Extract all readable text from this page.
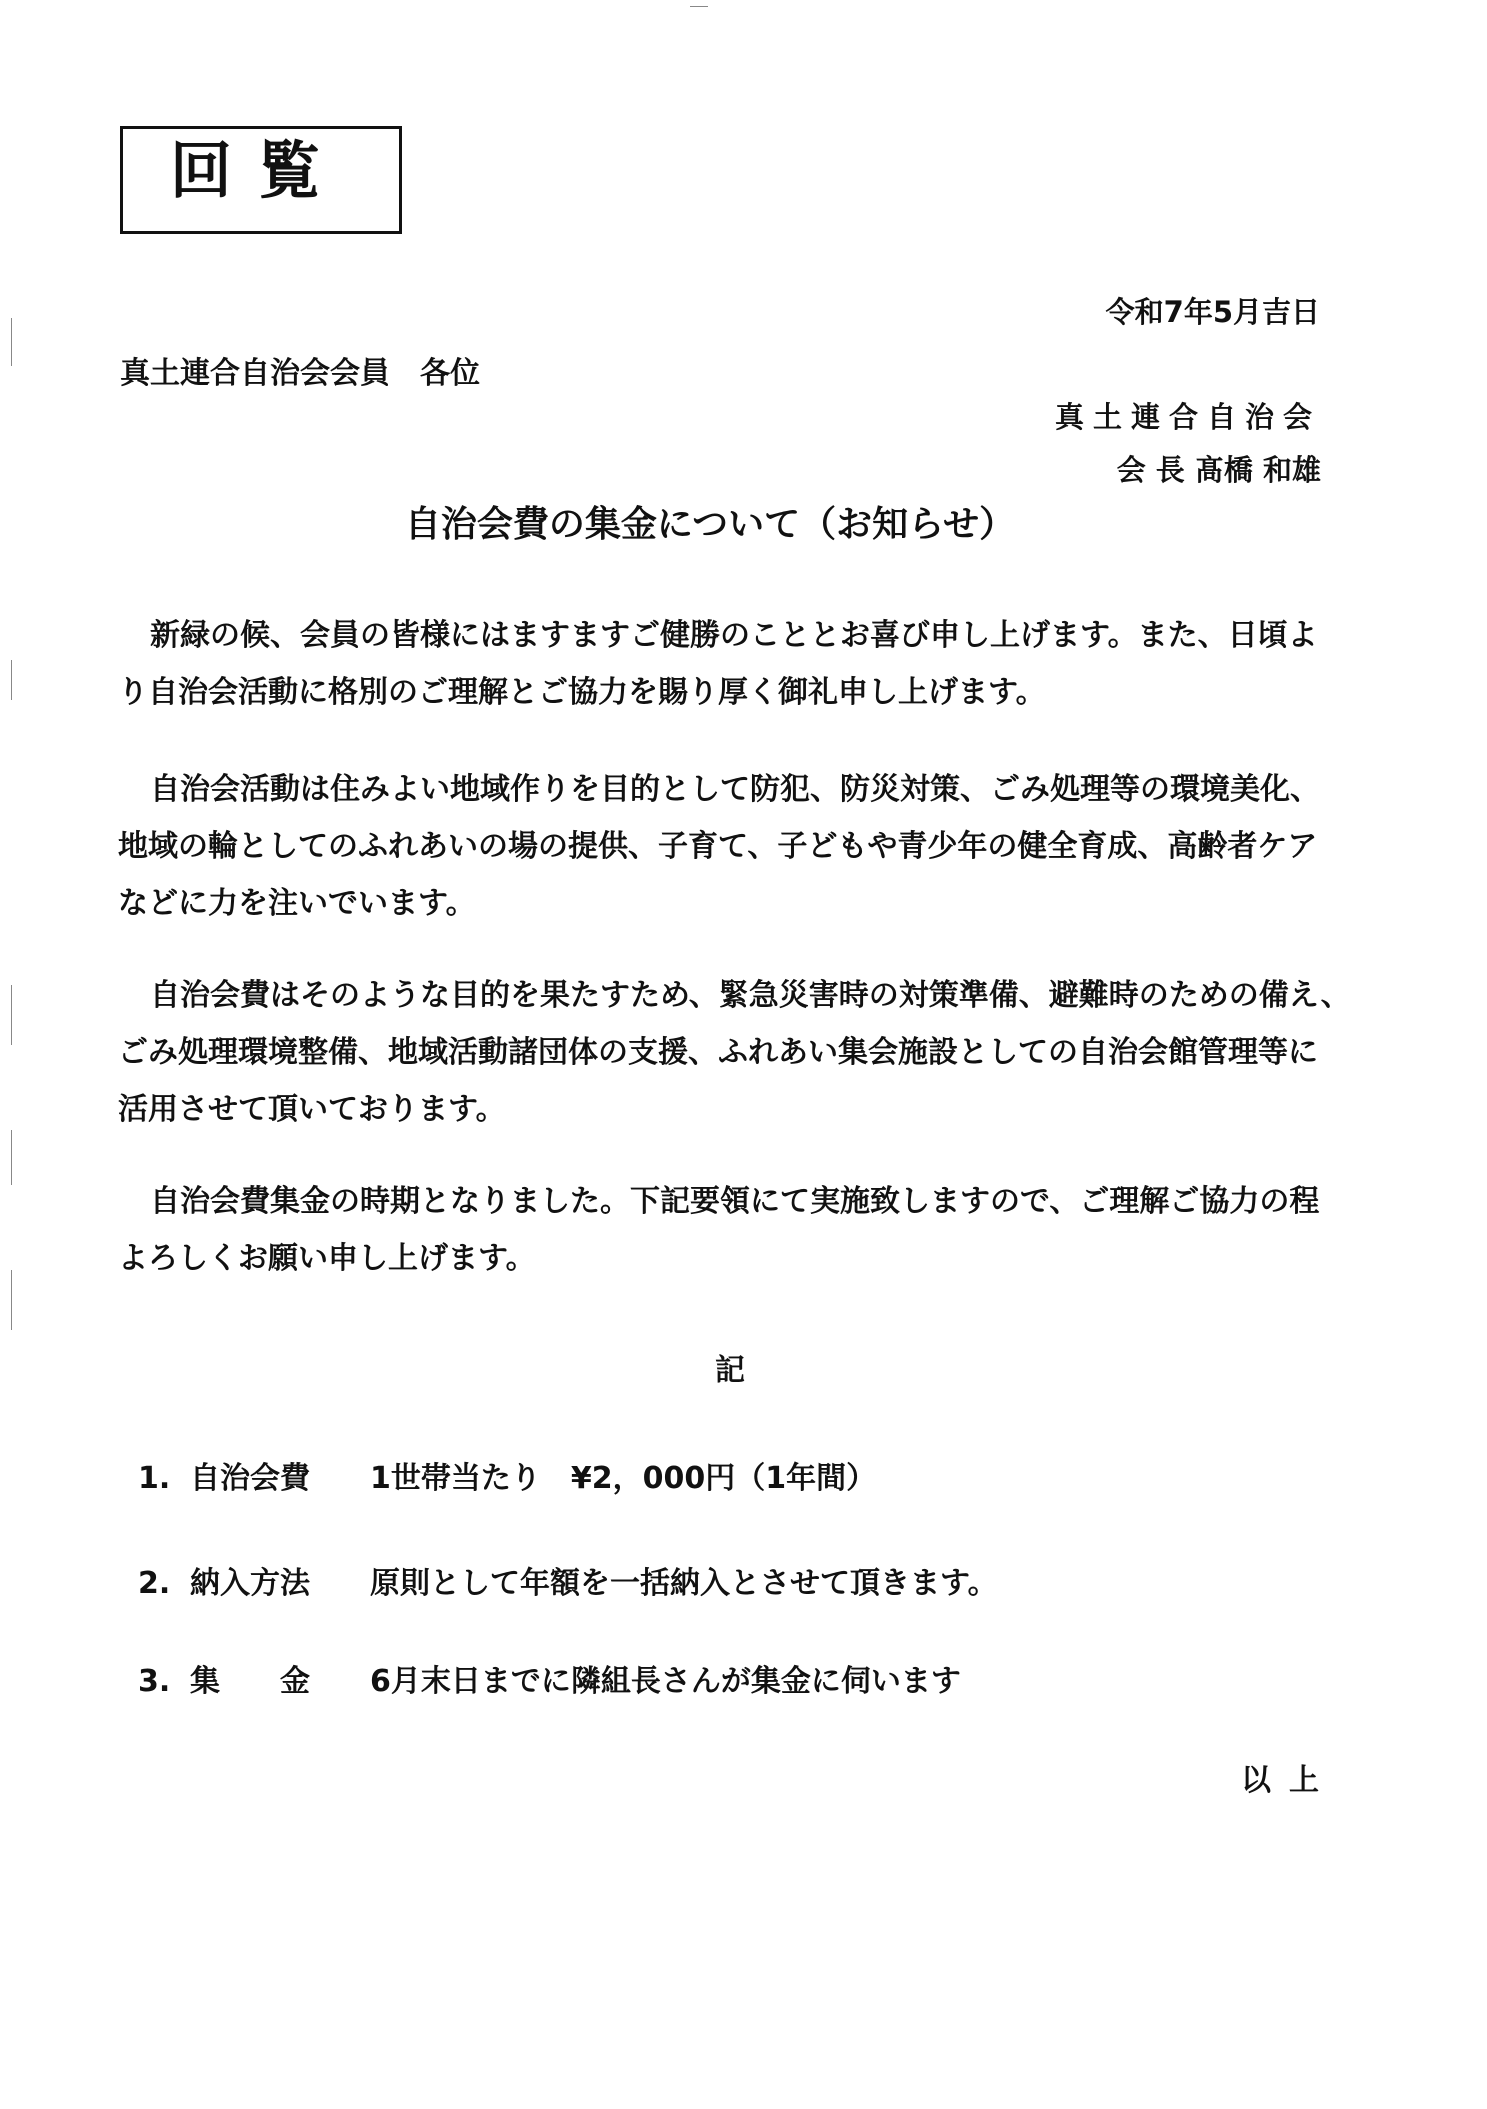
回覧
令和7年5月吉日
真土連合自治会会員　各位
真土連合自治会
会 長 髙橋 和雄
自治会費の集金について（お知らせ）
新緑の候、会員の皆様にはますますご健勝のこととお喜び申し上げます。また、日頃よ
り自治会活動に格別のご理解とご協力を賜り厚く御礼申し上げます。
自治会活動は住みよい地域作りを目的として防犯、防災対策、ごみ処理等の環境美化、
地域の輪としてのふれあいの場の提供、子育て、子どもや青少年の健全育成、高齢者ケア
などに力を注いでいます。
自治会費はそのような目的を果たすため、緊急災害時の対策準備、避難時のための備え、
ごみ処理環境整備、地域活動諸団体の支援、ふれあい集会施設としての自治会館管理等に
活用させて頂いております。
自治会費集金の時期となりました。下記要領にて実施致しますので、ご理解ご協力の程
よろしくお願い申し上げます。
記
1. 自治会費 1世帯当たり　¥2，000円（1年間）
2. 納入方法 原則として年額を一括納入とさせて頂きます。
3. 集　　金 6月末日までに隣組長さんが集金に伺います
以上
